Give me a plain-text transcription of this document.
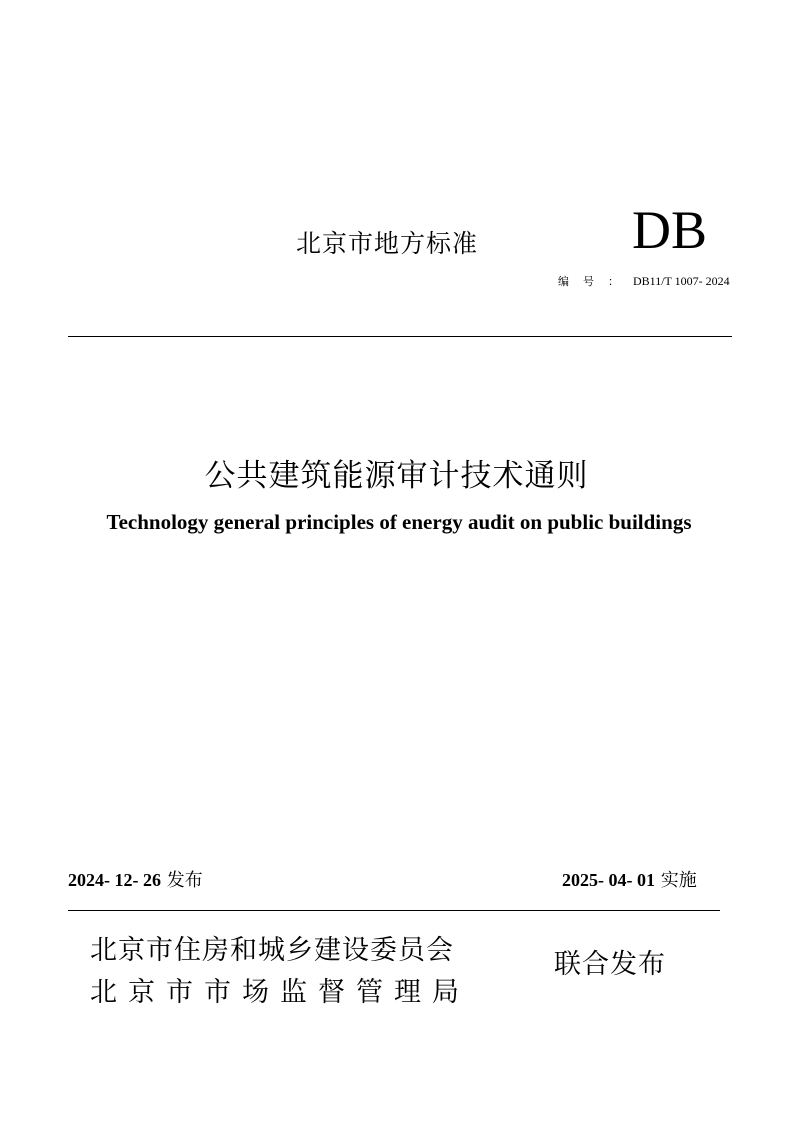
北京市地方标准	DB
编号：DB11/T 1007- 2024
公共建筑能源审计技术通则
Technology general principles of energy audit on public buildings
2024- 12- 26 发布	2025- 04- 01 实施
北京市住房和城乡建设委员会
北京市市场监督管理局
联合发布
